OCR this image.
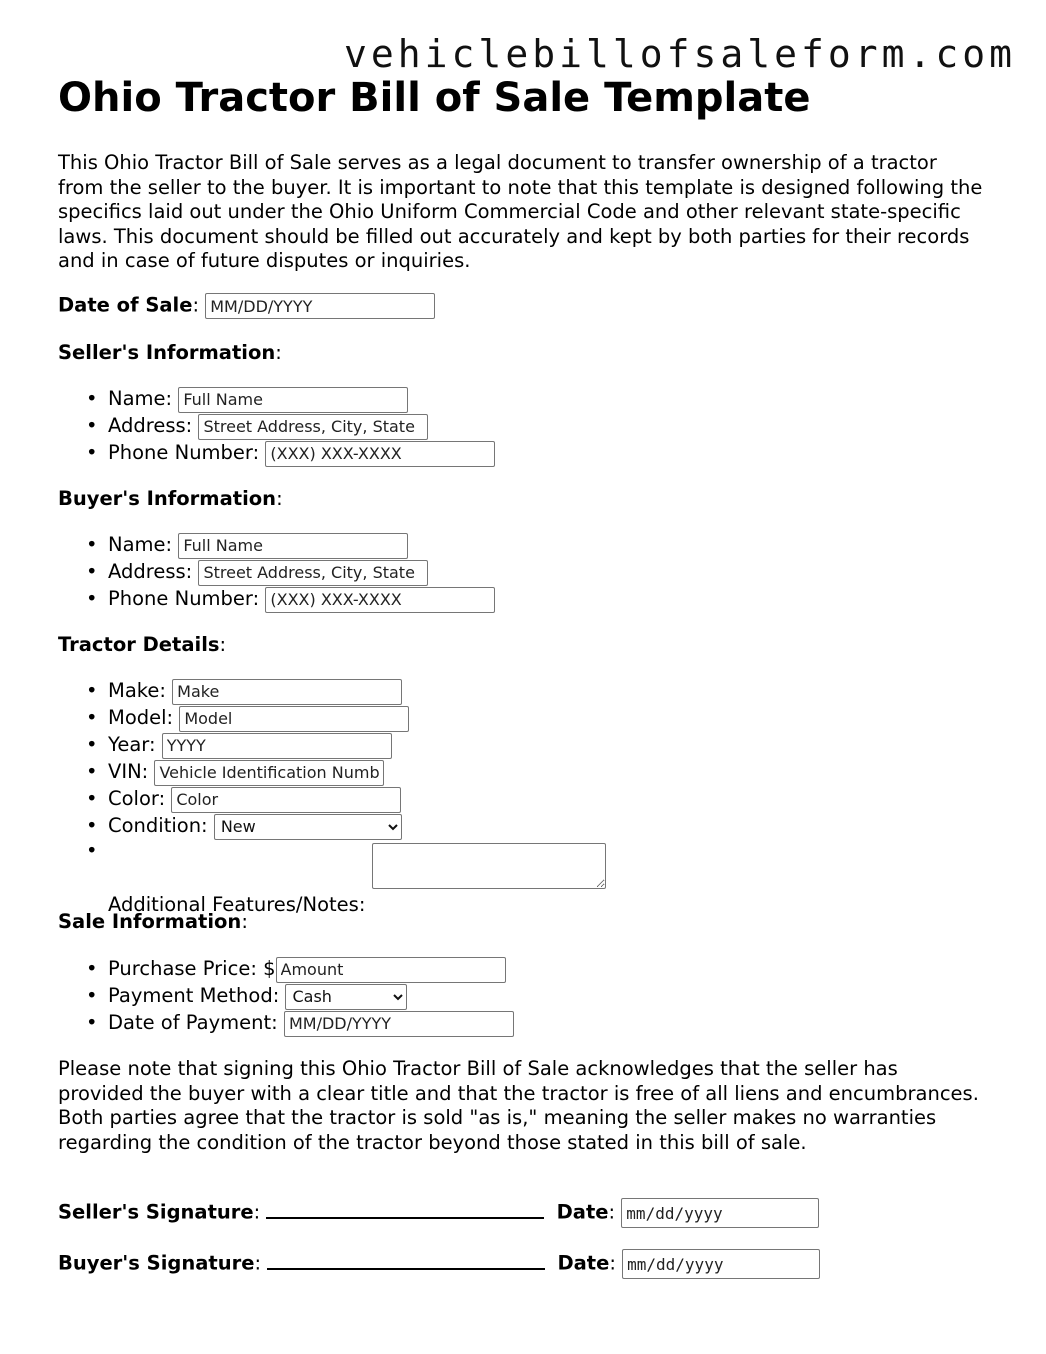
vehiclebillofsaleform.com
Ohio Tractor Bill of Sale Template

This Ohio Tractor Bill of Sale serves as a legal document to transfer ownership of a tractor from the seller to the buyer. It is important to note that this template is designed following the specifics laid out under the Ohio Uniform Commercial Code and other relevant state-specific laws. This document should be filled out accurately and kept by both parties for their records and in case of future disputes or inquiries.

Date of Sale: MM/DD/YYYY
Seller's Information:
• Name: Full Name
• Address: Street Address, City, State
• Phone Number: (XXX) XXX-XXXX
Buyer's Information:
• Name: Full Name
• Address: Street Address, City, State
• Phone Number: (XXX) XXX-XXXX
Tractor Details:
• Make: Make
• Model: Model
• Year: YYYY
• VIN: Vehicle Identification Number
• Color: Color
• Condition:
New
• Additional Features/Notes:
Sale Information:
• Purchase Price: $Amount
• Payment Method:
Cash
• Date of Payment: MM/DD/YYYY

Please note that signing this Ohio Tractor Bill of Sale acknowledges that the seller has provided the buyer with a clear title and that the tractor is free of all liens and encumbrances. Both parties agree that the tractor is sold "as is," meaning the seller makes no warranties regarding the condition of the tractor beyond those stated in this bill of sale.

Seller's Signature:	Date: mm/dd/yyyy
Buyer's Signature:	Date: mm/dd/yyyy
